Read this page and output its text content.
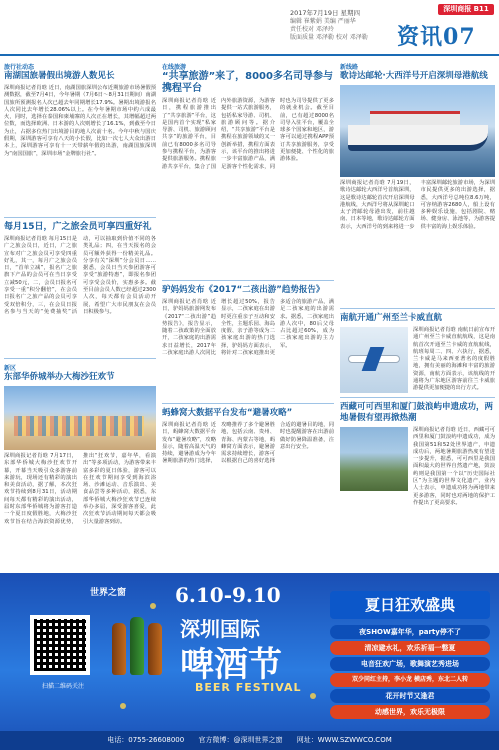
2017年7月19日 星期四
编辑 崔紫娟 美编 严丽华
责任校对 邓泽玲
版面质量 邓泽勒 校对 邓泽勒
深圳商报 B11
资讯07
旅行社动态
南湖国旅暑假出境游人数见长
深圳商报记者肖晗 近日，南湖国旅深圳公布近期旅游市场暑假预测数据，截至7月4日，今年暑期（7月6日～8月31日期间）南湖国旅所预测报名人次已超去年同期增长17.9%。暑期出境游报名人次同比去年增长28.06%以上。在今年暑期市场中约六成最火，同时，选择在泰国和柬埔寨的人次正在增长，其增幅超过两位数，而选择欧洲、日本游的人次则增长了16.1%，到截至今日为止，占据多位热门出境游目的地人次前十名。今年中秋与国庆假期，深圳游客可享有八天的小长假，比如一次七人大众出游日本上，深圳游客可享有十一天带薪年假的出游，南湖国旅深圳为“南国国旅”，深圳市场“金牌旅行社”。
每月15日，广之旅会员可享四重好礼
深圳商报记者肖晗 每月15日是广之旅会员日，近日，广之旅宣布对广之旅会员可享受四重好礼，其一，每月广之旅会员日，“首单立减”，报名广之旅旗下产品的会员可在当日享受立减50元，二，会员日报名可享受一重“积分翻倍”，在会员日报名广之旅产品的会员可享受双倍积分，三，在会员日报名参与当天的“免费抽奖”活动，可以抽取到价值不同的各类礼品；四，在当天报名的会员可额外获得一份精美礼品。分享有关“深圳”分会员日……据悉，会员日当天参团游客可享受“旅游特惠”，即报名参团可享受会员价，实惠多多。截至目前会员人数已经超过2300人次，每天都有会员活动开展，希望广大市民朋友在会员日积极参与。
新区
东部华侨城举办大梅沙狂欢节
深圳商报记者肖晗 7月17日，东部华侨城大梅沙狂欢节开幕，开幕当天吸引众多游客前来游玩，现场还有精彩的演出和美食活动，据了解，本次狂欢节持续到8月31日，活动期间每天都有精彩的演出活动，届时东部华侨城将为游客打造一个夏日度假胜地，大梅沙狂欢节旨在结合海滨资源优势，推出“狂欢节，嘉年华，看演出”等多项活动，为游客带来丰富多彩的夏日体验，游客可以在狂欢节期间享受到海滨浴场、沙滩运动、音乐演出、美食品尝等多种活动，据悉，东部华侨城大梅沙狂欢节已连续举办多届，深受游客喜爱，此次狂欢节活动期间每天都会吸引大量游客到访。
在线旅游
“共享旅游”来了，8000多名司导参与携程平台
深圳商报记者肖晗 近日，携程旅游推出了“共享旅游”平台，这是国内首个实现“私家导游、司机、旅游顾问共享”的旅游平台，目前已有8000多名司导参与携程平台，为游客提供旅游服务。携程旅游共享平台，集合了国内外旅游资源，为游客提供一站式旅游服务，包括私家导游、司机、旅游顾问等。据介绍，“共享旅游”平台是携程在旅游领域的又一创新举措，携程方面表示，该平台的推出将进一步丰富旅游产品，满足游客个性化需求，同时也为司导提供了更多的就业机会。截至目前，已有超过8000名司导入驻平台，覆盖全球多个国家和地区，游客可以通过携程APP预订共享旅游服务，享受更加便捷、个性化的旅游体验。
驴妈妈发布《2017“二孩出游”趋势报告》
深圳商报记者肖晗 近日，驴妈妈旅游网发布《2017“二孩出游”趋势报告》，报告显示，随着二孩政策的全面放开，二孩家庭的出游需求日益增长，2017年二孩家庭出游人次同比增长超过50%，报告显示，二孩家庭在出游时更注重亲子互动和安全性，主题乐园、海岛度假、亲子游等成为二孩家庭出游的热门选择，驴妈妈方面表示，将针对二孩家庭推出更多适合的旅游产品，满足二孩家庭的出游需求。据悉，二孩家庭出游人次中，80后父母占比超过60%，成为二孩家庭出游的主力军。
蚂蜂窝大数据平台发布“避暑攻略”
深圳商报记者肖晗 近日，蚂蜂窝大数据平台发布“避暑攻略”，攻略显示，随着高温天气的持续，避暑游成为今年暑期旅游的热门选择，攻略推荐了多个避暑胜地，包括云南、贵州、青海、内蒙古等地，蚂蜂窝方面表示，避暑游需求持续增长，游客可以根据自己的喜好选择合适的避暑目的地，同时也提醒游客在出游前做好防暑降温准备，注意出行安全。
新线路
歌诗达邮轮·大西洋号开启深圳母港航线
深圳商报记者肖晗 7月19日，歌诗达邮轮大西洋号首航深圳，这是歌诗达邮轮首次开启深圳母港航线，大西洋号将从深圳蛇口太子湾邮轮母港出发，前往越南、日本等地，歌诗达邮轮方面表示，大西洋号的到来将进一步丰富深圳邮轮旅游市场，为深圳市民提供更多的出游选择，据悉，大西洋号总吨位8.6万吨，可容纳游客2680人，船上设有多种娱乐设施，包括剧院、赌场、健身房、泳池等，为游客提供丰富的海上娱乐体验。
南航开通广州至兰卡威直航
深圳商报记者肖晗 南航日前宣布开通广州至兰卡威直航航线，这是南航首次开通至兰卡威的直航航线，航班每周二、四、六执行，据悉，兰卡威是马来西亚著名的度假胜地，拥有美丽的海滩和丰富的旅游资源，南航方面表示，该航线的开通将为广东地区游客前往兰卡威旅游提供更加便捷的出行方式。
西藏可可西里和厦门鼓浪屿申遗成功，两地暑假有望再掀热潮
深圳商报记者肖晗 近日，西藏可可西里和厦门鼓浪屿申遗成功，成为我国第51和52处世界遗产，申遗成功后，两地暑期旅游热度有望进一步提升，据悉，可可西里是我国面积最大的世界自然遗产地，鼓浪屿则是我国第一个以“历史国际社区”为主题的世界文化遗产，业内人士表示，申遗成功将为两地带来更多游客，同时也对两地的保护工作提出了更高要求。
世界之窗
扫描二维码关注
6.10-9.10
深圳国际
啤酒节
BEER FESTIVAL
夏日狂欢盛典
夜SHOW嘉年华，party停不了
清凉避水礼，欢乐祈福一整夏
电音狂欢广场，歌舞演艺秀进场
双少同红主持，李小龙 横店秀，东北二人转
花开时节又逢君
动感世界，欢乐无极限
电话：0755-26608000 官方微博：@深圳世界之窗 网址：WWW.SZWWCO.COM
